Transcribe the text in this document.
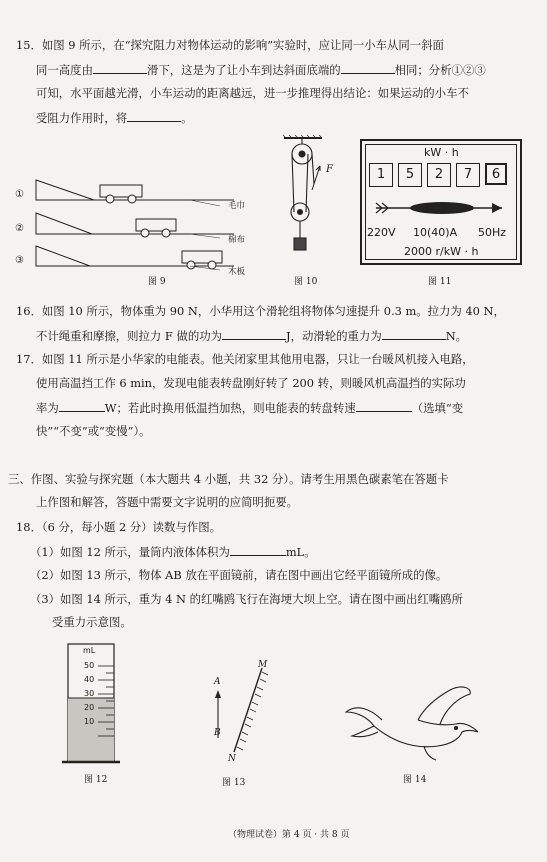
15．如图 9 所示，在“探究阻力对物体运动的影响”实验时，应让同一小车从同一斜面
同一高度由	滑下，这是为了让小车到达斜面底端的	相同；分析①②③
可知，水平面越光滑，小车运动的距离越远，进一步推理得出结论：如果运动的小车不
受阻力作用时，将	。
①
②
③
毛巾
棉布
木板
图 9
F
图 10
kW · h
1	5	2	7	6
220V 10(40)A 50Hz
2000 r/kW · h
图 11
16．如图 10 所示，物体重为 90 N，小华用这个滑轮组将物体匀速提升 0.3 m。拉力为 40 N，
不计绳重和摩擦，则拉力 F 做的功为	J，动滑轮的重力为	N。
17．如图 11 所示是小华家的电能表。他关闭家里其他用电器，只让一台暖风机接入电路，
使用高温挡工作 6 min，发现电能表转盘刚好转了 200 转，则暖风机高温挡的实际功
率为	W；若此时换用低温挡加热，则电能表的转盘转速	（选填“变
快”“不变”或“变慢”）。
三、作图、实验与探究题（本大题共 4 小题，共 32 分）。请考生用黑色碳素笔在答题卡
上作图和解答，答题中需要文字说明的应简明扼要。
18．（6 分，每小题 2 分）读数与作图。
（1）如图 12 所示，量筒内液体体积为	mL。
（2）如图 13 所示，物体 AB 放在平面镜前，请在图中画出它经平面镜所成的像。
（3）如图 14 所示，重为 4 N 的红嘴鸥飞行在海埂大坝上空。请在图中画出红嘴鸥所
受重力示意图。
mL
50
40
30
20
10
图 12
A
B
M
N
图 13	图 14
（物理试卷）第 4 页 · 共 8 页
